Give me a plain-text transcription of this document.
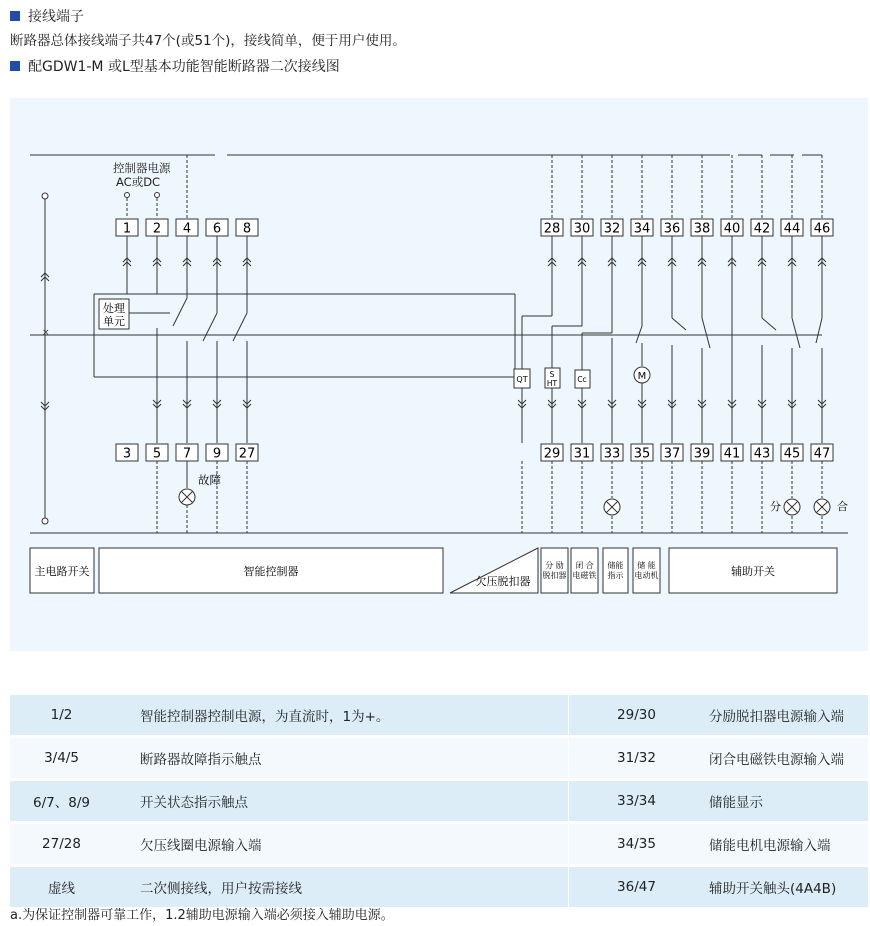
接线端子
断路器总体接线端子共47个(或51个)，接线简单，便于用户使用。
配GDW1-M 或L型基本功能智能断路器二次接线图
×
控制器电源
AC或DC
处理
单元
QT
S
HT	Cc	M
1 2 4 6 8	28 30 32 34 36 38 40 42 44 46
3 5 7 9 27	29 31 33 35 37 39 41 43 45 47
故障
分	合
主电路开关	智能控制器
欠压脱扣器
分 励
脱扣器
闭 合
电磁铁
储能
指示
储 能
电动机	辅助开关
1/2	智能控制器控制电源，为直流时，1为+。	29/30	分励脱扣器电源输入端
3/4/5	断路器故障指示触点	31/32	闭合电磁铁电源输入端
6/7、8/9	开关状态指示触点	33/34	储能显示
27/28	欠压线圈电源输入端	34/35	储能电机电源输入端
虚线	二次侧接线，用户按需接线	36/47	辅助开关触头(4A4B)
a.为保证控制器可靠工作，1.2辅助电源输入端必须接入辅助电源。
